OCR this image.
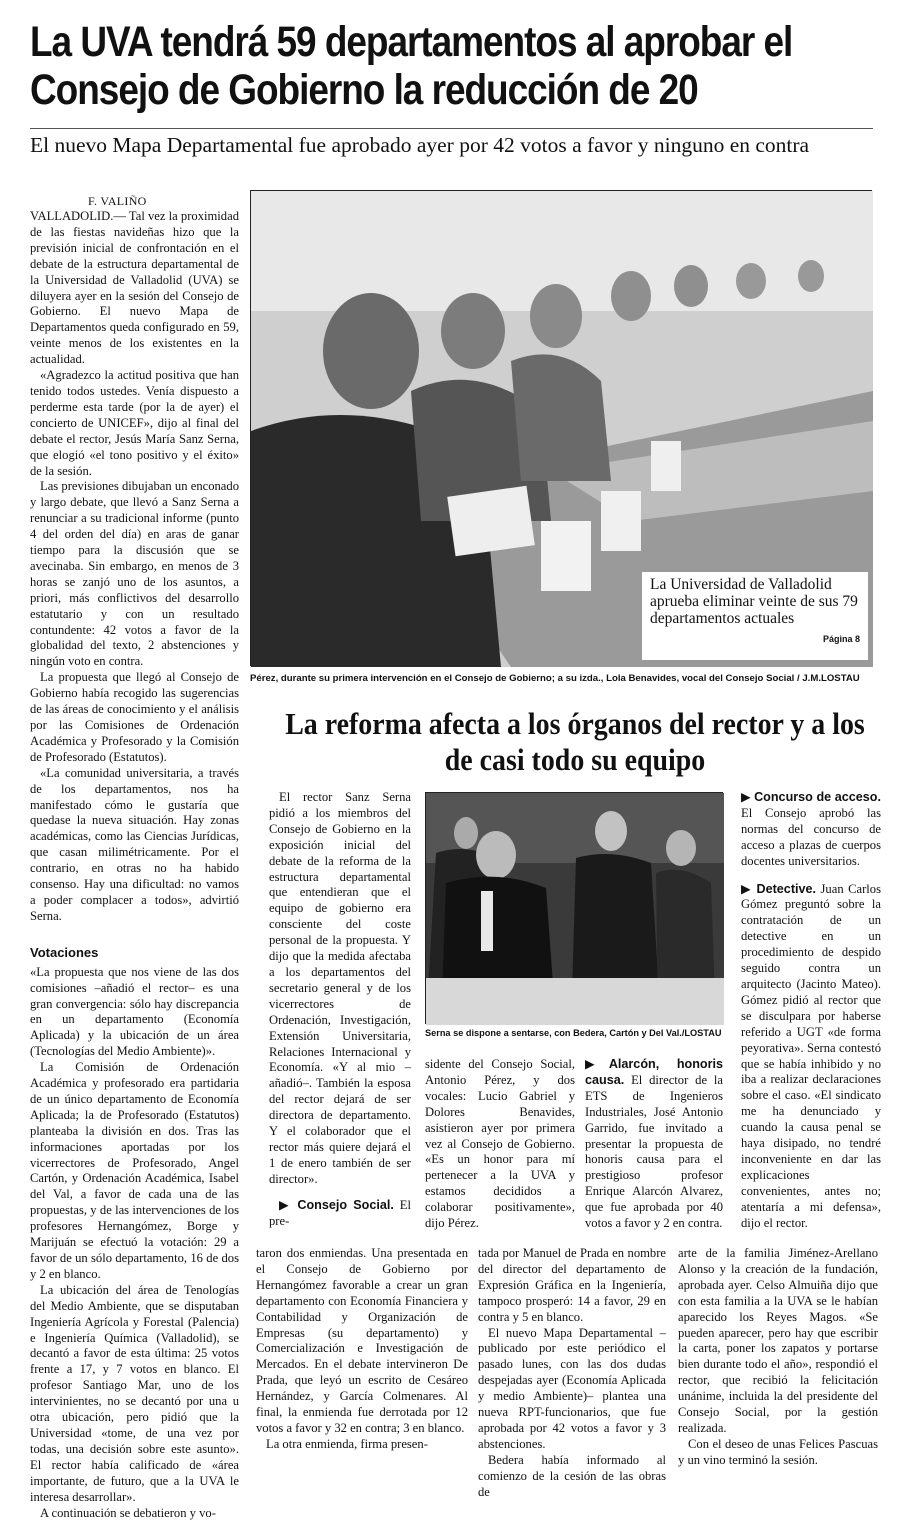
La UVA tendrá 59 departamentos al aprobar el Consejo de Gobierno la reducción de 20
El nuevo Mapa Departamental fue aprobado ayer por 42 votos a favor y ninguno en contra
F. VALIÑO

VALLADOLID.— Tal vez la proximidad de las fiestas navideñas hizo que la previsión inicial de confrontación en el debate de la estructura departamental de la Universidad de Valladolid (UVA) se diluyera ayer en la sesión del Consejo de Gobierno. El nuevo Mapa de Departamentos queda configurado en 59, veinte menos de los existentes en la actualidad.

«Agradezco la actitud positiva que han tenido todos ustedes. Venía dispuesto a perderme esta tarde (por la de ayer) el concierto de UNICEF», dijo al final del debate el rector, Jesús María Sanz Serna, que elogió «el tono positivo y el éxito» de la sesión.

Las previsiones dibujaban un enconado y largo debate, que llevó a Sanz Serna a renunciar a su tradicional informe (punto 4 del orden del día) en aras de ganar tiempo para la discusión que se avecinaba. Sin embargo, en menos de 3 horas se zanjó uno de los asuntos, a priori, más conflictivos del desarrollo estatutario y con un resultado contundente: 42 votos a favor de la globalidad del texto, 2 abstenciones y ningún voto en contra.

La propuesta que llegó al Consejo de Gobierno había recogido las sugerencias de las áreas de conocimiento y el análisis por las Comisiones de Ordenación Académica y Profesorado y la Comisión de Profesorado (Estatutos).

«La comunidad universitaria, a través de los departamentos, nos ha manifestado cómo le gustaría que quedase la nueva situación. Hay zonas académicas, como las Ciencias Jurídicas, que casan milimétricamente. Por el contrario, en otras no ha habido consenso. Hay una dificultad: no vamos a poder complacer a todos», advirtió Serna.

Votaciones

«La propuesta que nos viene de las dos comisiones –añadió el rector– es una gran convergencia: sólo hay discrepancia en un departamento (Economía Aplicada) y la ubicación de un área (Tecnologías del Medio Ambiente)».

La Comisión de Ordenación Académica y profesorado era partidaria de un único departamento de Economía Aplicada; la de Profesorado (Estatutos) planteaba la división en dos. Tras las informaciones aportadas por los vicerrectores de Profesorado, Angel Cartón, y Ordenación Académica, Isabel del Val, a favor de cada una de las propuestas, y de las intervenciones de los profesores Hernangómez, Borge y Marijuán se efectuó la votación: 29 a favor de un sólo departamento, 16 de dos y 2 en blanco.

La ubicación del área de Tenologías del Medio Ambiente, que se disputaban Ingeniería Agrícola y Forestal (Palencia) e Ingeniería Química (Valladolid), se decantó a favor de esta última: 25 votos frente a 17, y 7 votos en blanco. El profesor Santiago Mar, uno de los intervinientes, no se decantó por una u otra ubicación, pero pidió que la Universidad «tome, de una vez por todas, una decisión sobre este asunto». El rector había calificado de «área importante, de futuro, que a la UVA le interesa desarrollar».

A continuación se debatieron y vo-

La Universidad de Valladolid aprueba eliminar veinte de sus 79 departamentos actuales
Página 8
Pérez, durante su primera intervención en el Consejo de Gobierno; a su izda., Lola Benavides, vocal del Consejo Social / J.M.LOSTAU
La reforma afecta a los órganos del rector y a los de casi todo su equipo

El rector Sanz Serna pidió a los miembros del Consejo de Gobierno en la exposición inicial del debate de la reforma de la estructura departamental que entendieran que el equipo de gobierno era consciente del coste personal de la propuesta. Y dijo que la medida afectaba a los departamentos del secretario general y de los vicerrectores de Ordenación, Investigación, Extensión Universitaria, Relaciones Internacional y Economía. «Y al mio –añadió–. También la esposa del rector dejará de ser directora de departamento. Y el colaborador que el rector más quiere dejará el 1 de enero también de ser director».

▶ Consejo Social. El pre-

Serna se dispone a sentarse, con Bedera, Cartón y Del Val./LOSTAU

sidente del Consejo Social, Antonio Pérez, y dos vocales: Lucio Gabriel y Dolores Benavides, asistieron ayer por primera vez al Consejo de Gobierno. «Es un honor para mí pertenecer a la UVA y estamos decididos a colaborar positivamente», dijo Pérez.

▶Alarcón, honoris causa. El director de la ETS de Ingenieros Industriales, José Antonio Garrido, fue invitado a presentar la propuesta de honoris causa para el prestigioso profesor Enrique Alarcón Alvarez, que fue aprobada por 40 votos a favor y 2 en contra.

▶ Concurso de acceso. El Consejo aprobó las normas del concurso de acceso a plazas de cuerpos docentes universitarios.

▶ Detective. Juan Carlos Gómez preguntó sobre la contratación de un detective en un procedimiento de despido seguido contra un arquitecto (Jacinto Mateo). Gómez pidió al rector que se disculpara por haberse referido a UGT «de forma peyorativa». Serna contestó que se había inhibido y no iba a realizar declaraciones sobre el caso. «El sindicato me ha denunciado y cuando la causa penal se haya disipado, no tendré inconveniente en dar las explicaciones convenientes, antes no; atentaría a mi defensa», dijo el rector.

taron dos enmiendas. Una presentada en el Consejo de Gobierno por Hernangómez favorable a crear un gran departamento con Economía Financiera y Contabilidad y Organización de Empresas (su departamento) y Comercialización e Investigación de Mercados. En el debate intervineron De Prada, que leyó un escrito de Cesáreo Hernández, y García Colmenares. Al final, la enmienda fue derrotada por 12 votos a favor y 32 en contra; 3 en blanco.

La otra enmienda, firma presen-

tada por Manuel de Prada en nombre del director del departamento de Expresión Gráfica en la Ingeniería, tampoco prosperó: 14 a favor, 29 en contra y 5 en blanco.

El nuevo Mapa Departamental –publicado por este periódico el pasado lunes, con las dos dudas despejadas ayer (Economía Aplicada y medio Ambiente)– plantea una nueva RPT-funcionarios, que fue aprobada por 42 votos a favor y 3 abstenciones.

Bedera había informado al comienzo de la cesión de las obras de

arte de la familia Jiménez-Arellano Alonso y la creación de la fundación, aprobada ayer. Celso Almuiña dijo que con esta familia a la UVA se le habían aparecido los Reyes Magos. «Se pueden aparecer, pero hay que escribir la carta, poner los zapatos y portarse bien durante todo el año», respondió el rector, que recibió la felicitación unánime, incluida la del presidente del Consejo Social, por la gestión realizada.

Con el deseo de unas Felices Pascuas y un vino terminó la sesión.
